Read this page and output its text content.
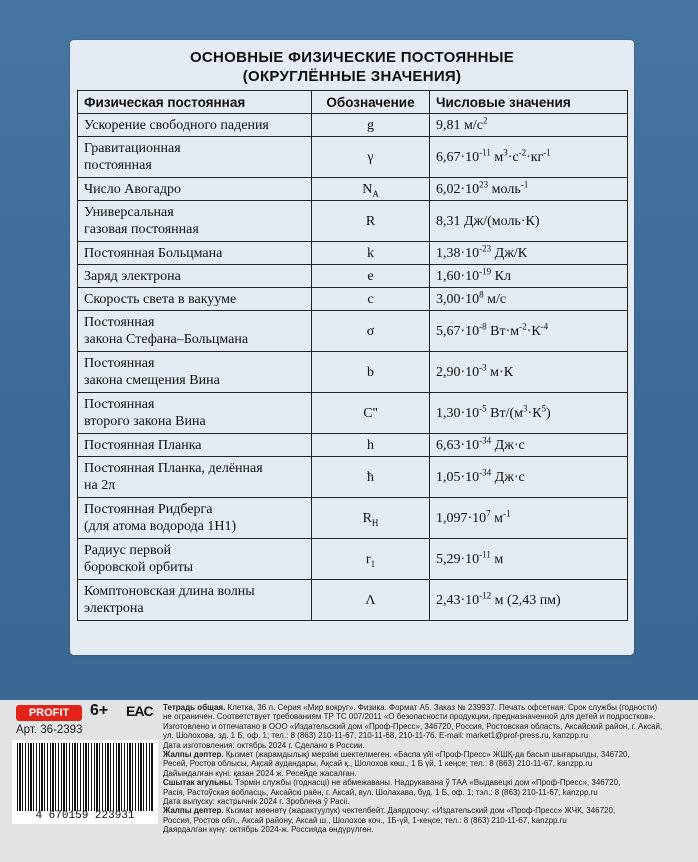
ОСНОВНЫЕ ФИЗИЧЕСКИЕ ПОСТОЯННЫЕ
(ОКРУГЛЁННЫЕ ЗНАЧЕНИЯ)
Физическая постоянная	Обозначение	Числовые значения
Ускорение свободного падения	g	9,81 $м/с^2$
Гравитационная
постоянная	γ	$6,67\cdot 10^{-11}$ $м^3\cdot с^{-2}\cdot кг^{-1}$
Число Авогадро	$N_A$	$6,02\cdot 10^{23}$ моль$^{-1}$
Универсальная
газовая постоянная	R	8,31 Дж/(моль·К)
Постоянная Больцмана	k	$1,38\cdot 10^{-23}$ Дж/К
Заряд электрона	e	$1,60\cdot 10^{-19}$ Кл
Скорость света в вакууме	c	$3,00\cdot 10^8$ м/с
Постоянная
закона Стефана–Больцмана	σ	$5,67\cdot 10^{-8}$ $Вт\cdot м^{-2}\cdot К^{-4}$
Постоянная
закона смещения Вина	b	$2,90\cdot 10^{-3}$ м·К
Постоянная
второго закона Вина	C''	$1,30\cdot 10^{-5}$ $Вт/(м^3\cdot К^5)$
Постоянная Планка	h	$6,63\cdot 10^{-34}$ Дж·с
Постоянная Планка, делённая
на 2π	ħ	$1,05\cdot 10^{-34}$ Дж·с
Постоянная Ридберга
(для атома водорода 1Н1)	$R_H$	$1,097\cdot 10^7$ $м^{-1}$
Радиус первой
боровской орбиты	$r_1$	$5,29\cdot 10^{-11}$ м
Комптоновская длина волны
электрона	Λ	$2,43\cdot 10^{-12}$ м (2,43 пм)
PROFIT	6+ EAC
Арт. 36-2393
4 670159 223931

Тетрадь общая. Клетка, 36 л. Серия «Мир вокруг». Физика. Формат А5. Заказ № 239937. Печать офсетная. Срок службы (годности)

не ограничен. Соответствует требованиям ТР ТС 007/2011 «О безопасности продукции, предназначенной для детей и подростков».

Изготовлено и отпечатано в ООО «Издательский дом «Проф-Пресс», 346720, Россия, Ростовская область, Аксайский район, г. Аксай,

ул. Шолохова, зд. 1 Б, оф. 1; тел.: 8 (863) 210-11-67, 210-11-68, 210-11-76. E-mail: market1@prof-press.ru, kanzpp.ru

Дата изготовления: октябрь 2024 г. Сделано в России.

Жалпы дәптер. Қызмет (жарамдылық) мерзімі шектелмеген. «Баспа үйі «Проф-Пресс» ЖШҚ-да басып шығарылды, 346720,

Ресей, Ростов облысы, Ақсай аудандары, Ақсай қ., Шолохов көш., 1 Б үй, 1 кеңсе; тел.: 8 (863) 210-11-67, kanzpp.ru

Дайындалған күні: қазан 2024 ж. Ресейде жасалған.

Сшытак агульны. Тэрмін службы (годнасці) не абмежаваны. Надрукавана ў ТАА «Выдавецкі дом «Проф-Пресс», 346720,

Расія, Растоўская вобласць, Аксайскі раён, г. Аксай, вул. Шолахава, буд. 1 Б, оф. 1; тэл.: 8 (863) 210-11-67, kanzpp.ru

Дата выпуску: кастрычнік 2024 г. Зроблена ў Расіі.

Жалпы дептер. Кызмат мөөнөтү (жарактуулук) чектелбейт. Даярдоочу: «Издательский дом «Проф-Пресс» ЖЧК, 346720,

Россия, Ростов обл., Аксай району, Аксай ш., Шолохов коч., 1Б-үй, 1-кеңсе; тел.: 8 (863) 210-11-67, kanzpp.ru

Даярдалган күнү: октябрь 2024-ж. Россияда өндүрүлгөн.
